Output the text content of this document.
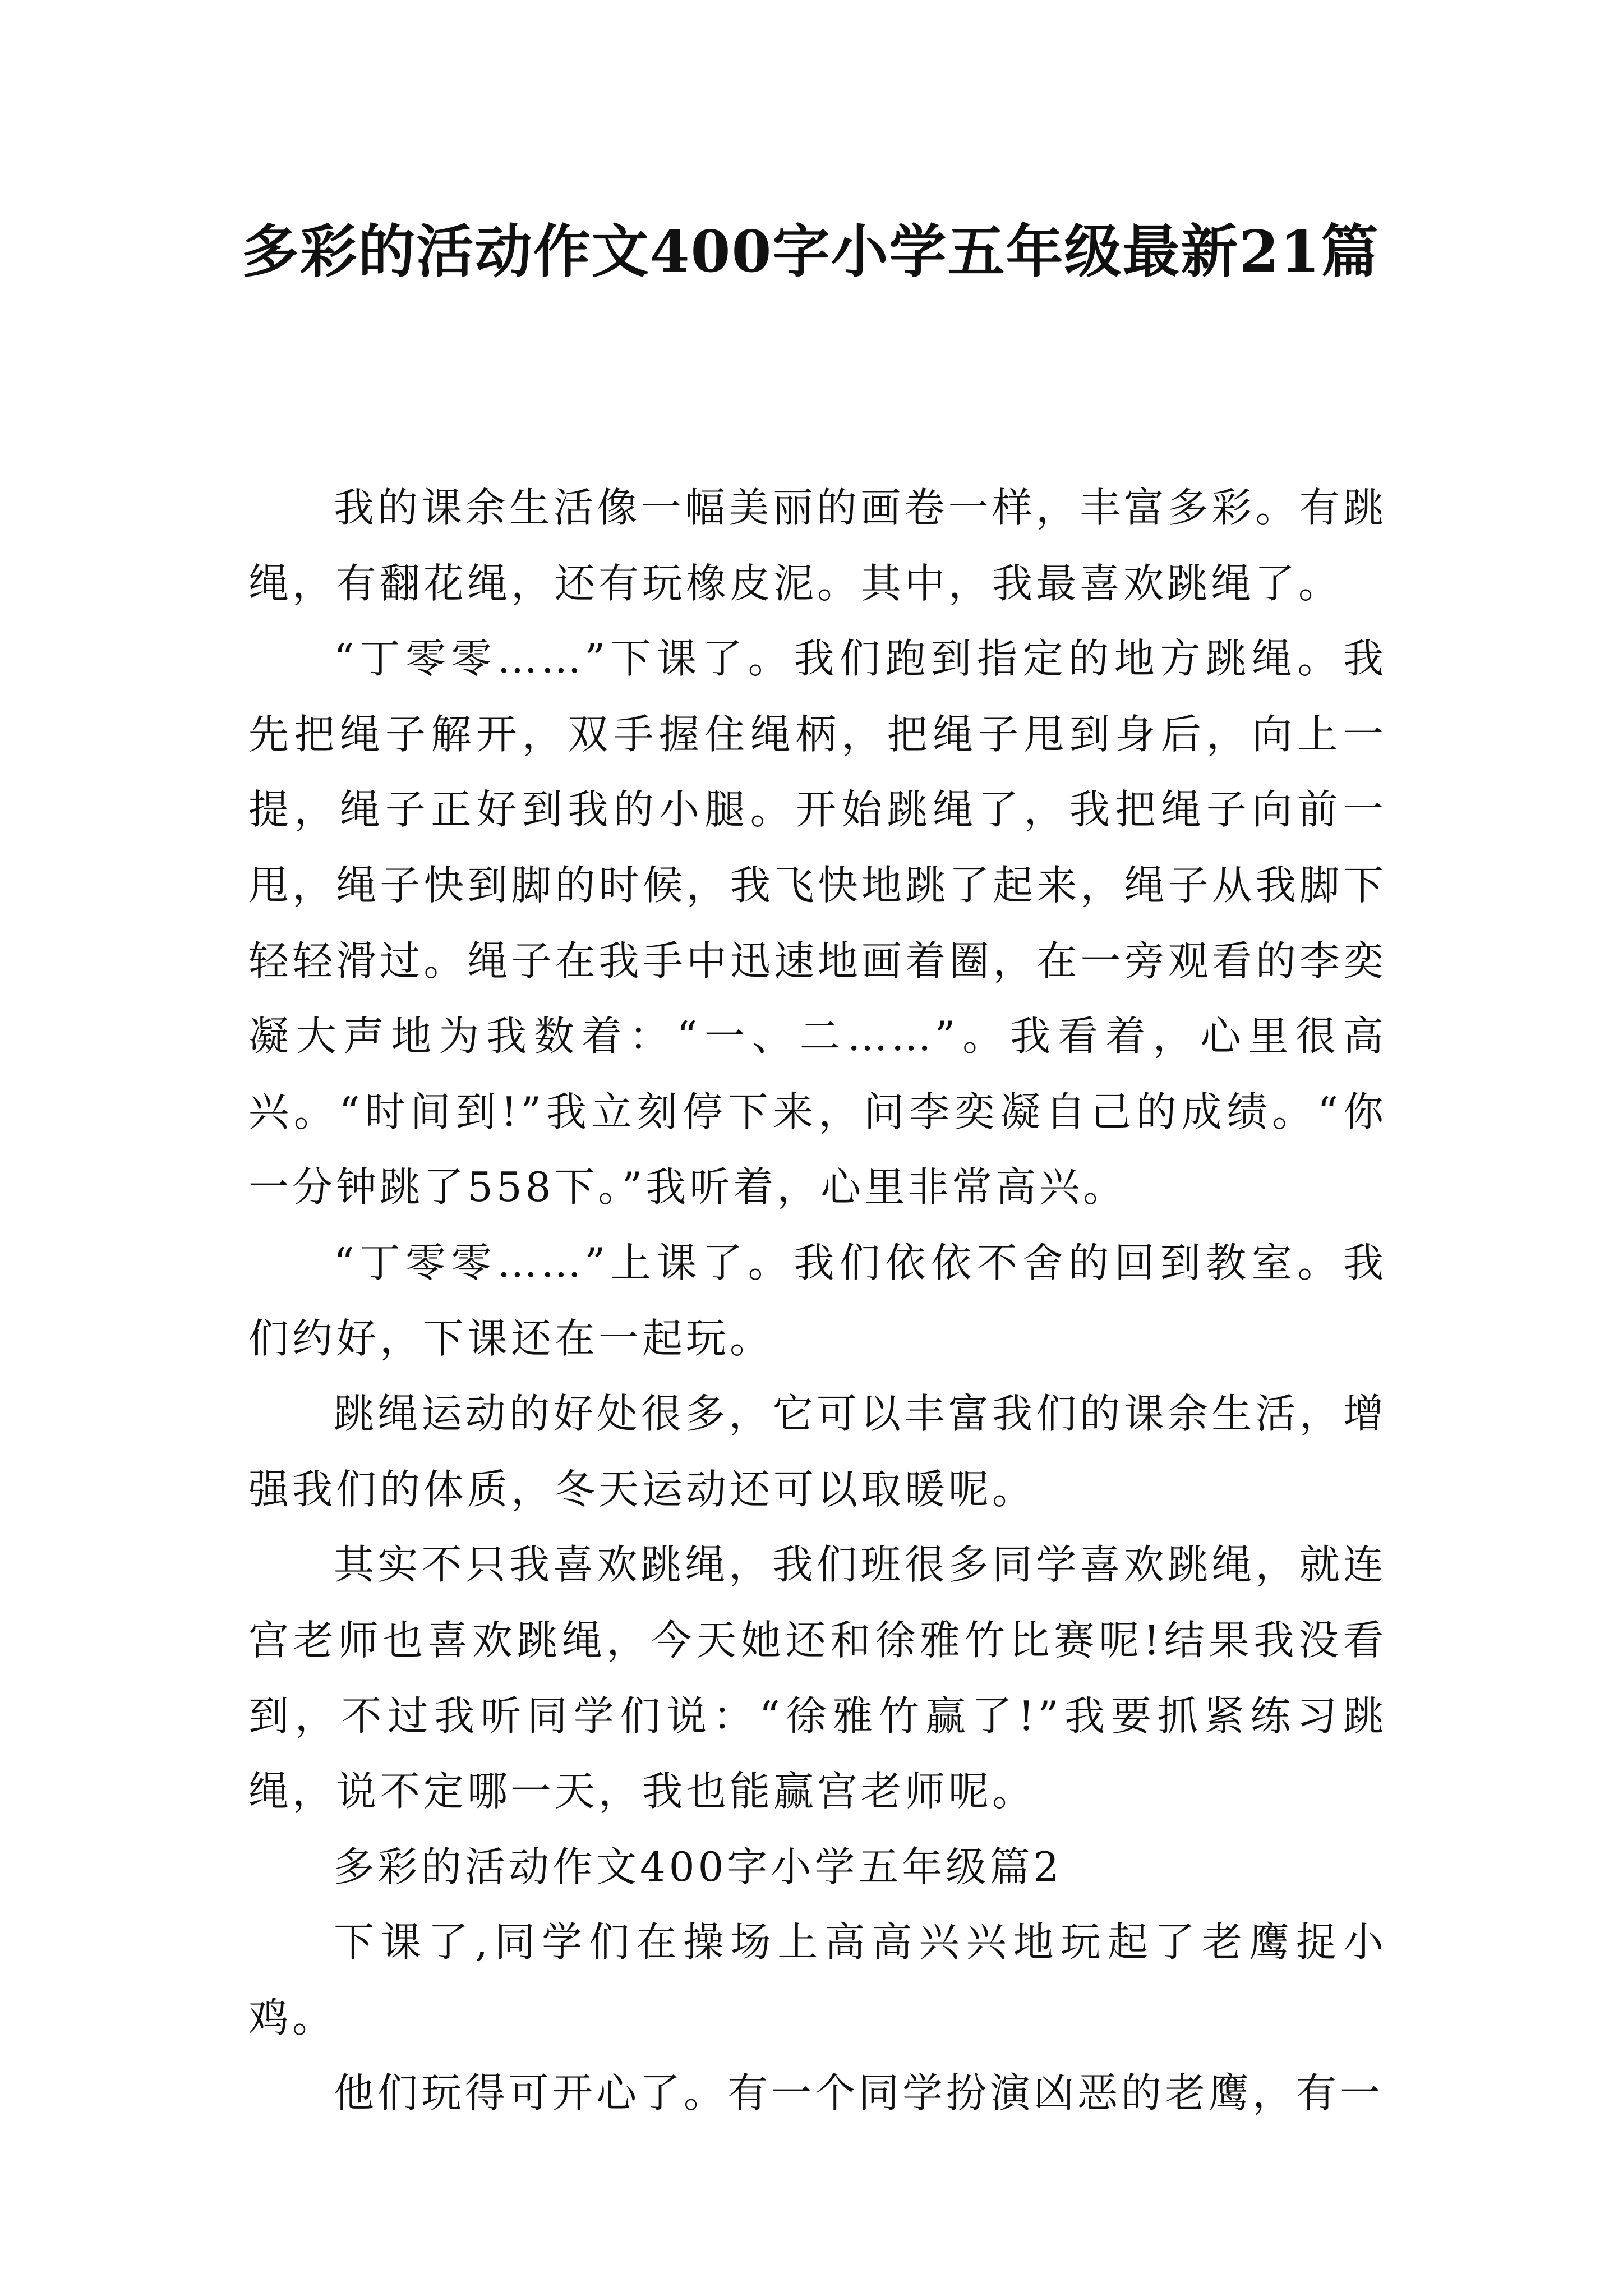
多彩的活动作文400字小学五年级最新21篇

我的课余生活像一幅美丽的画卷一样，丰富多彩。有跳绳，有翻花绳，还有玩橡皮泥。其中，我最喜欢跳绳了。

“丁零零……”下课了。我们跑到指定的地方跳绳。我先把绳子解开，双手握住绳柄，把绳子甩到身后，向上一提，绳子正好到我的小腿。开始跳绳了，我把绳子向前一甩，绳子快到脚的时候，我飞快地跳了起来，绳子从我脚下轻轻滑过。绳子在我手中迅速地画着圈，在一旁观看的李奕凝大声地为我数着：“一、二……”。我看着，心里很高兴。“时间到!”我立刻停下来，问李奕凝自己的成绩。“你一分钟跳了558下。”我听着，心里非常高兴。

“丁零零……”上课了。我们依依不舍的回到教室。我们约好，下课还在一起玩。

跳绳运动的好处很多，它可以丰富我们的课余生活，增强我们的体质，冬天运动还可以取暖呢。

其实不只我喜欢跳绳，我们班很多同学喜欢跳绳，就连宫老师也喜欢跳绳，今天她还和徐雅竹比赛呢!结果我没看到，不过我听同学们说：“徐雅竹赢了!”我要抓紧练习跳绳，说不定哪一天，我也能赢宫老师呢。

多彩的活动作文400字小学五年级篇2

下课了,同学们在操场上高高兴兴地玩起了老鹰捉小鸡。

他们玩得可开心了。有一个同学扮演凶恶的老鹰，有一
